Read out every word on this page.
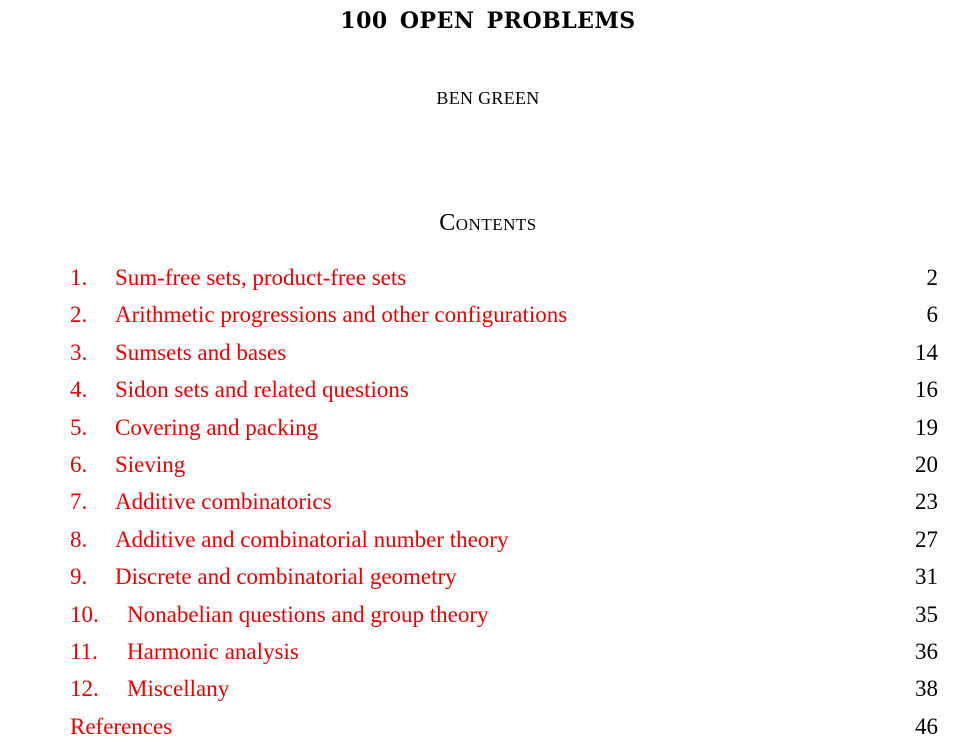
100 OPEN PROBLEMS
BEN GREEN
Contents
1. Sum-free sets, product-free sets	2
2. Arithmetic progressions and other configurations	6
3. Sumsets and bases	14
4. Sidon sets and related questions	16
5. Covering and packing	19
6. Sieving	20
7. Additive combinatorics	23
8. Additive and combinatorial number theory	27
9. Discrete and combinatorial geometry	31
10. Nonabelian questions and group theory	35
11. Harmonic analysis	36
12. Miscellany	38
References	46
